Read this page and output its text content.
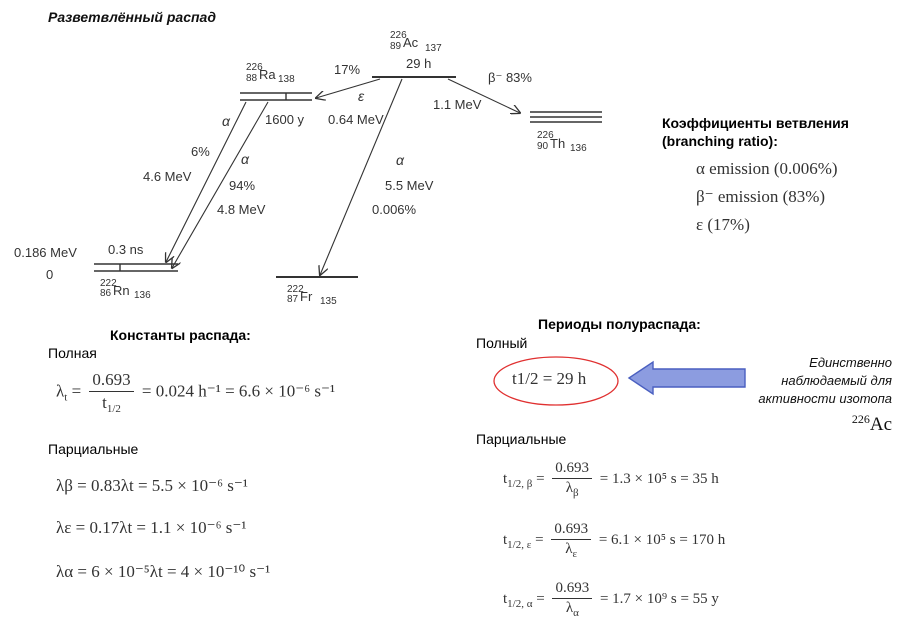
Разветвлённый распад
226
89 Ac 137
29 h
226
88 Ra 138
1600 y
226
90 Th 136
222
86 Rn 136
0.186 MeV
0
0.3 ns
222
87 Fr 135
17%
ε
0.64 MeV
β⁻ 83%
1.1 MeV
α
5.5 MeV
0.006%
α
6%
4.6 MeV
α
94%
4.8 MeV
Коэффициенты ветвления
(branching ratio):
α emission (0.006%)
β⁻ emission (83%)
ε (17%)
Константы распада:
Полная
$\lambda_t = \frac{0.693}{t_{1/2}} = 0.024$ h⁻¹ = 6.6 × 10⁻⁶ s⁻¹
Парциальные
λβ = 0.83λt = 5.5 × 10⁻⁶ s⁻¹
λε = 0.17λt = 1.1 × 10⁻⁶ s⁻¹
λα = 6 × 10⁻⁵λt = 4 × 10⁻¹⁰ s⁻¹
Периоды полураспада:
Полный
t1/2 = 29 h
Единственно
наблюдаемый для
активности изотопа
$^{226}$Ac
Парциальные
$t_{1/2, \beta} = \frac{0.693}{\lambda_\beta} = 1.3 \times 10^5$ s = 35 h
$t_{1/2, \varepsilon} = \frac{0.693}{\lambda_\varepsilon} = 6.1 \times 10^5$ s = 170 h
$t_{1/2, \alpha} = \frac{0.693}{\lambda_\alpha} = 1.7 \times 10^9$ s = 55 y
